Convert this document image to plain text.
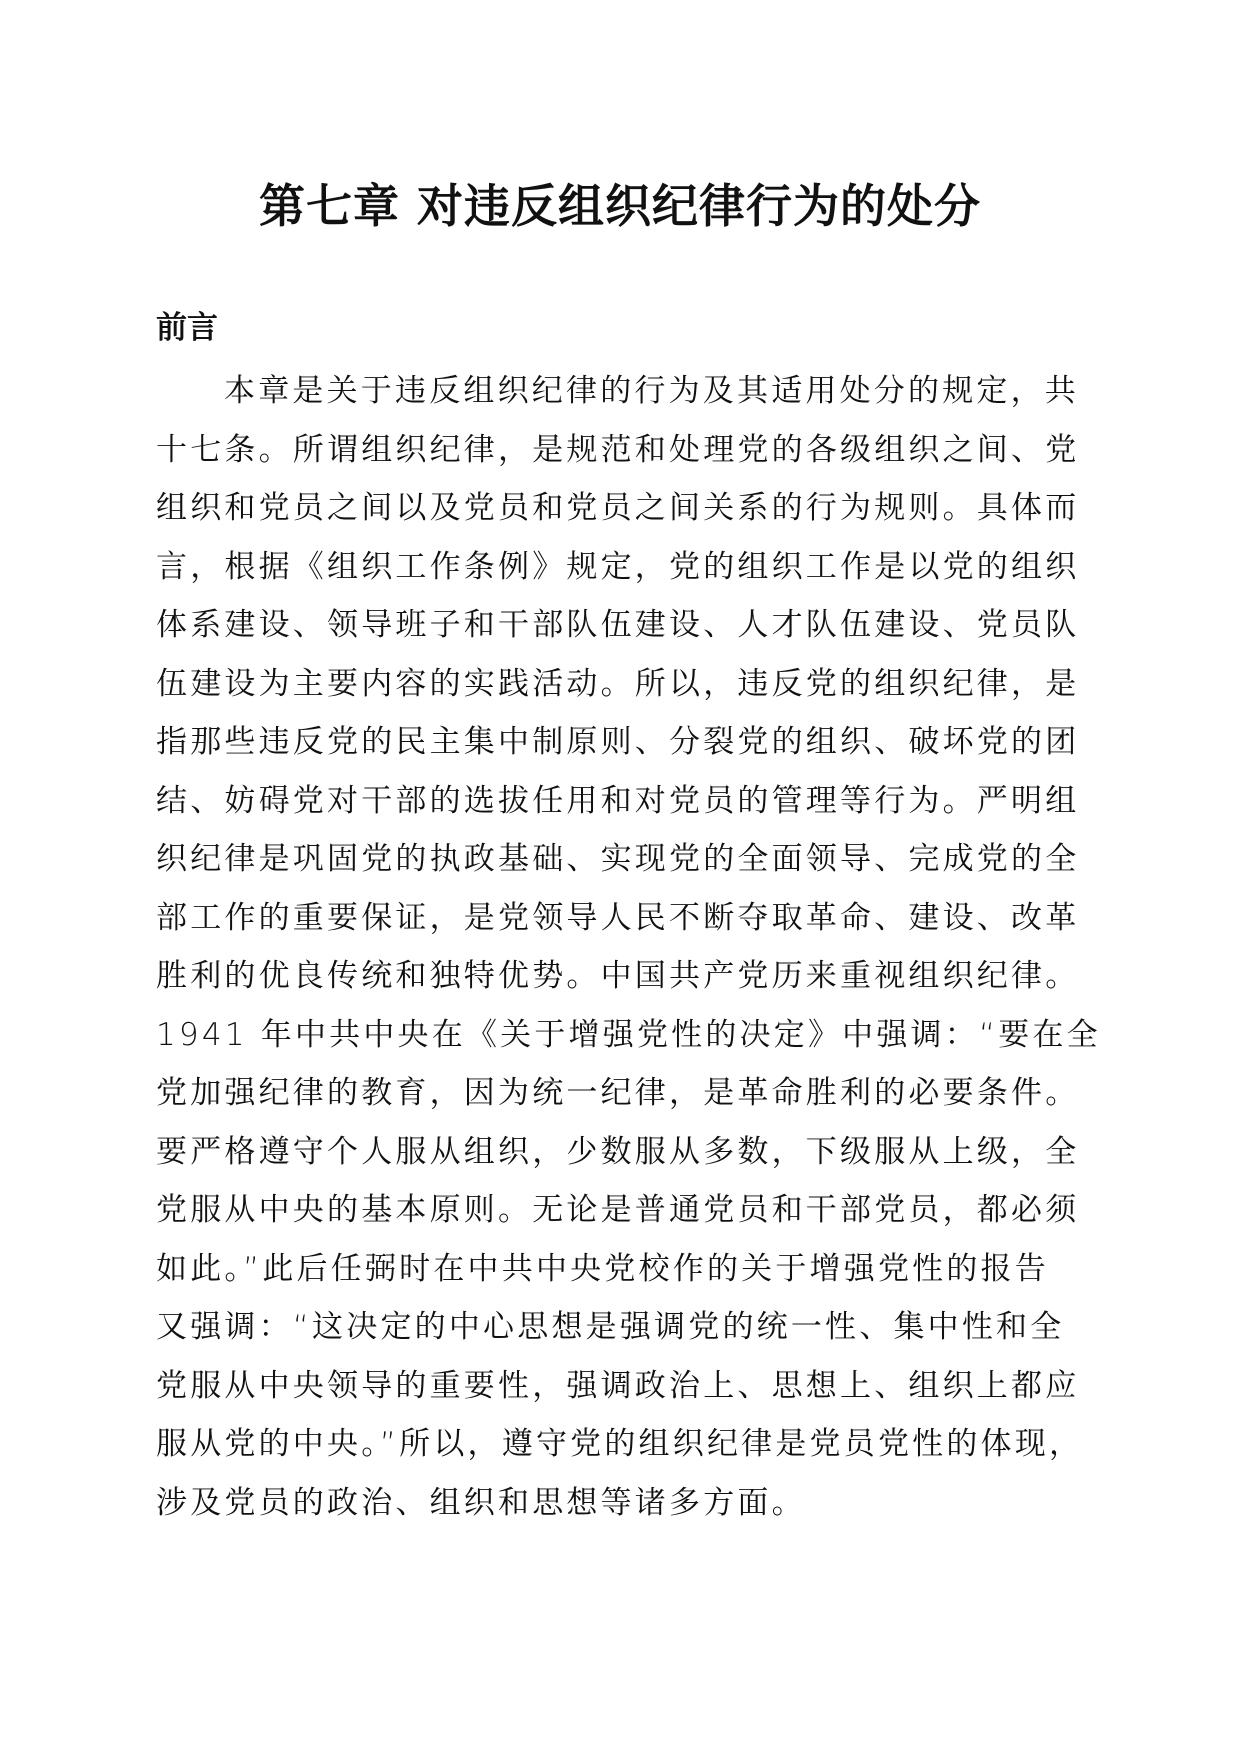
第七章 对违反组织纪律行为的处分
前言
本章是关于违反组织纪律的行为及其适用处分的规定，共
十七条。所谓组织纪律，是规范和处理党的各级组织之间、党
组织和党员之间以及党员和党员之间关系的行为规则。具体而
言，根据《组织工作条例》规定，党的组织工作是以党的组织
体系建设、领导班子和干部队伍建设、人才队伍建设、党员队
伍建设为主要内容的实践活动。所以，违反党的组织纪律，是
指那些违反党的民主集中制原则、分裂党的组织、破坏党的团
结、妨碍党对干部的选拔任用和对党员的管理等行为。严明组
织纪律是巩固党的执政基础、实现党的全面领导、完成党的全
部工作的重要保证，是党领导人民不断夺取革命、建设、改革
胜利的优良传统和独特优势。中国共产党历来重视组织纪律。
1941 年中共中央在《关于增强党性的决定》中强调：“要在全
党加强纪律的教育，因为统一纪律，是革命胜利的必要条件。
要严格遵守个人服从组织，少数服从多数，下级服从上级，全
党服从中央的基本原则。无论是普通党员和干部党员，都必须
如此。”此后任弼时在中共中央党校作的关于增强党性的报告
又强调：“这决定的中心思想是强调党的统一性、集中性和全
党服从中央领导的重要性，强调政治上、思想上、组织上都应
服从党的中央。”所以，遵守党的组织纪律是党员党性的体现，
涉及党员的政治、组织和思想等诸多方面。
